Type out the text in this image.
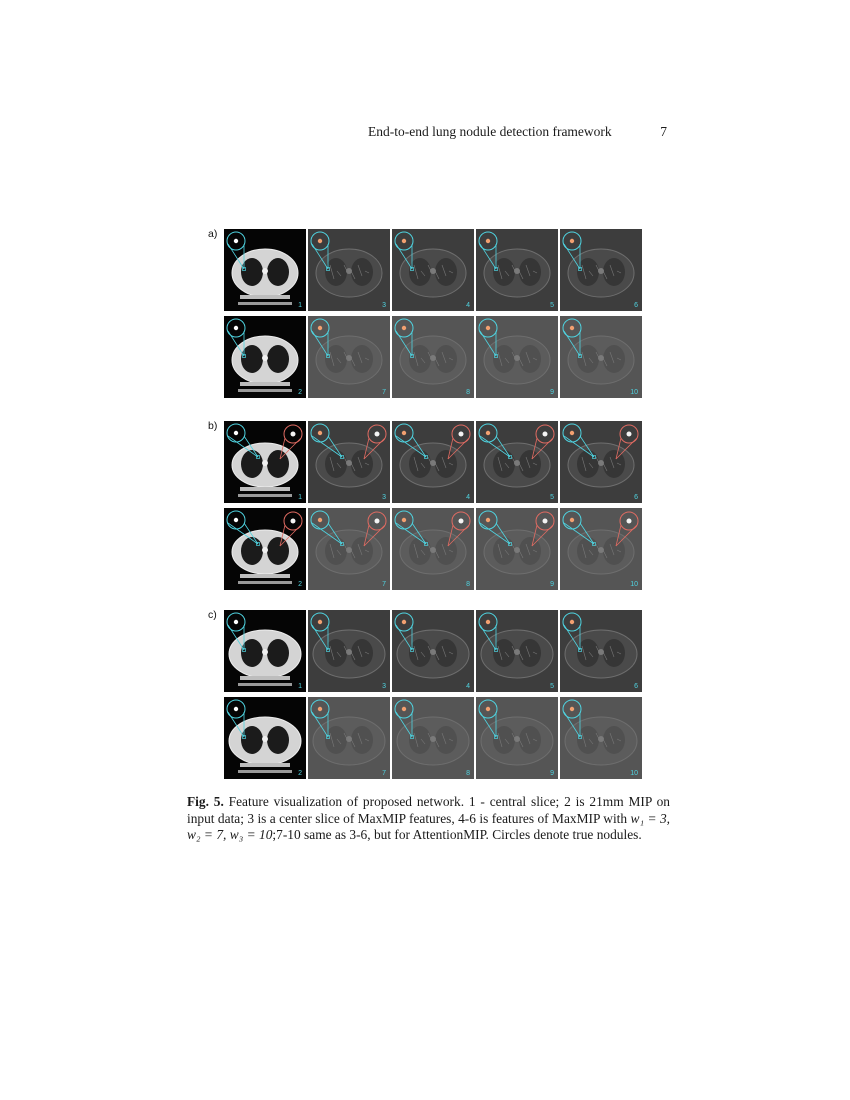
End-to-end lung nodule detection framework	7
a)
1	3	4	5	6
2	7	8	9	10
b)
1	3	4	5	6
2	7	8	9	10
c)
1	3	4	5	6
2	7	8	9	10
Fig. 5. Feature visualization of proposed network. 1 - central slice; 2 is 21mm MIP on input data; 3 is a center slice of MaxMIP features, 4-6 is features of MaxMIP with w₁ = 3, w₂ = 7, w₃ = 10;7-10 same as 3-6, but for AttentionMIP. Circles denote true nodules.
